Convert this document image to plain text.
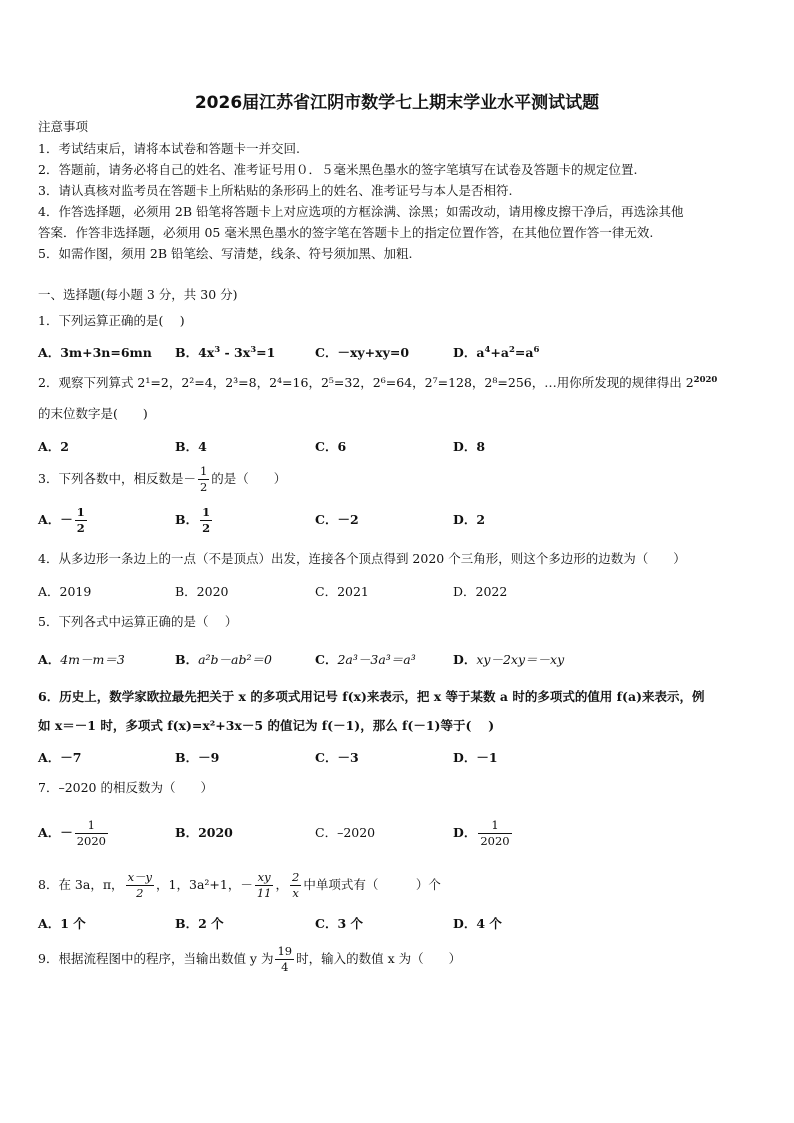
2026届江苏省江阴市数学七上期末学业水平测试试题
注意事项
1．考试结束后，请将本试卷和答题卡一并交回.
2．答题前，请务必将自己的姓名、准考证号用０．５毫米黑色墨水的签字笔填写在试卷及答题卡的规定位置.
3．请认真核对监考员在答题卡上所粘贴的条形码上的姓名、准考证号与本人是否相符.
4．作答选择题，必须用 2B 铅笔将答题卡上对应选项的方框涂满、涂黑；如需改动，请用橡皮擦干净后，再选涂其他
答案．作答非选择题，必须用 05 毫米黑色墨水的签字笔在答题卡上的指定位置作答，在其他位置作答一律无效.
5．如需作图，须用 2B 铅笔绘、写清楚，线条、符号须加黑、加粗.
一、选择题(每小题 3 分，共 30 分)
1．下列运算正确的是(　 )
A．3m+3n=6mn B．$4x^3 - 3x^3=1$	C．－xy+xy=0	D．$a^4+a^2=a^6$
2．观察下列算式 2¹=2，2²=4，2³=8，2⁴=16，2⁵=32，2⁶=64，2⁷=128，2⁸=256，…用你所发现的规律得出 $2^{2020}$
的末位数字是(　　)
A．2	B．4	C．6	D．8
3．下列各数中，相反数是－ $\frac{1}{2}$ 的是（　　）
A．－ $\frac{1}{2}$	B． $\frac{1}{2}$	C．－2	D．2
4．从多边形一条边上的一点（不是顶点）出发，连接各个顶点得到 2020 个三角形，则这个多边形的边数为（　　）
A．2019	B．2020	C．2021	D．2022
5．下列各式中运算正确的是（　 ）
A．4m－m＝3	B．a²b－ab²＝0	C．2a³－3a³＝a³	D．xy－2xy＝－xy
6．历史上，数学家欧拉最先把关于 x 的多项式用记号 f(x)来表示，把 x 等于某数 a 时的多项式的值用 f(a)来表示，例
如 x＝－1 时，多项式 f(x)=x²+3x－5 的值记为 f(－1)，那么 f(－1)等于(　 )
A．－7	B．－9	C．－3	D．－1
7．–2020 的相反数为（　　）
A．－ $\frac{1}{2020}$	B．2020	C．–2020	D． $\frac{1}{2020}$
8．在 3a，π， $\frac{x-y}{2}$ ，1，3a²+1，－ $\frac{xy}{11}$ ， $\frac{2}{x}$ 中单项式有（　　　）个
A．1 个	B．2 个	C．3 个	D．4 个
9．根据流程图中的程序，当输出数值 y 为 $\frac{19}{4}$ 时，输入的数值 x 为（　　）
